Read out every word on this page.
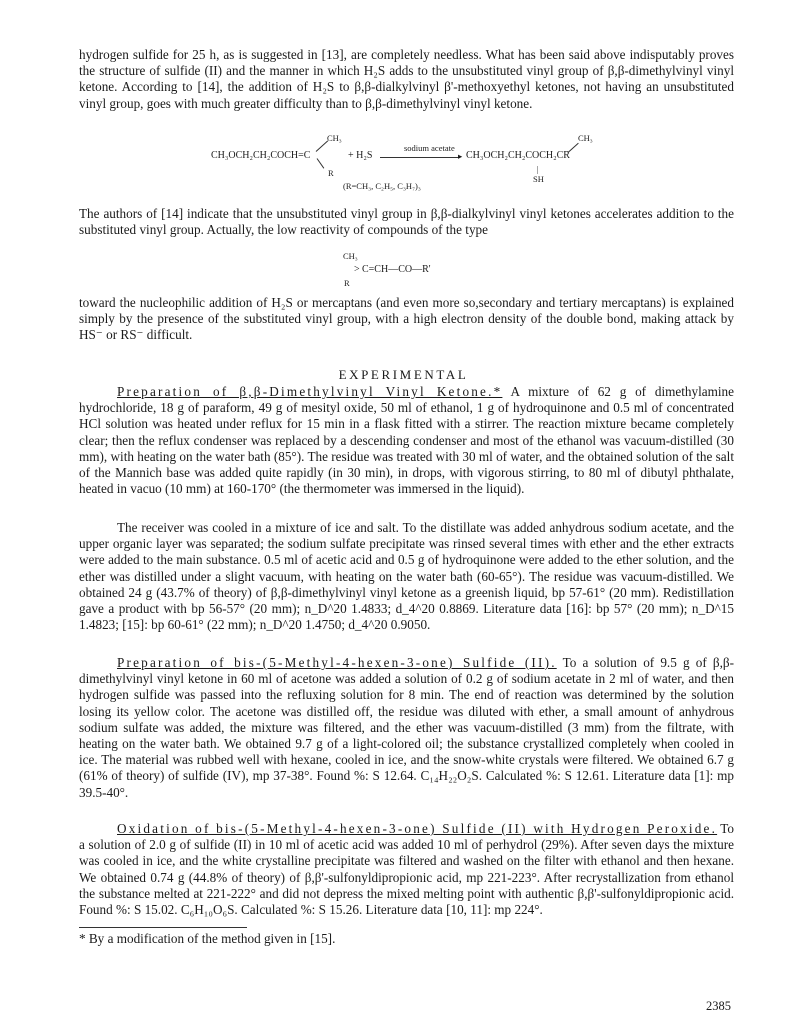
hydrogen sulfide for 25 h, as is suggested in [13], are completely needless. What has been said above indisputably proves the structure of sulfide (II) and the manner in which H₂S adds to the unsubstituted vinyl group of β,β-dimethylvinyl vinyl ketone. According to [14], the addition of H₂S to β,β-dialkylvinyl β'-methoxyethyl ketones, not having an unsubstituted vinyl group, goes with much greater difficulty than to β,β-dimethylvinyl vinyl ketone.

CH₃
CH₃OCH₂CH₂COCH=C
R
+ H₂S
sodium acetate
▸ CH₃OCH₂CH₂COCH₂CR
CH₃
|
SH
(R=CH₃, C₂H₅, C₃H₇)₃

The authors of [14] indicate that the unsubstituted vinyl group in β,β-dialkylvinyl vinyl ketones accelerates addition to the substituted vinyl group. Actually, the low reactivity of compounds of the type

CH₃
> C=CH—CO—R'
R

toward the nucleophilic addition of H₂S or mercaptans (and even more so,secondary and tertiary mercaptans) is explained simply by the presence of the substituted vinyl group, with a high electron density of the double bond, making attack by HS⁻ or RS⁻ difficult.

EXPERIMENTAL

Preparation of β,β-Dimethylvinyl Vinyl Ketone.* A mixture of 62 g of dimethylamine hydrochloride, 18 g of paraform, 49 g of mesityl oxide, 50 ml of ethanol, 1 g of hydroquinone and 0.5 ml of concentrated HCl solution was heated under reflux for 15 min in a flask fitted with a stirrer. The reaction mixture became completely clear; then the reflux condenser was replaced by a descending condenser and most of the ethanol was vacuum-distilled (30 mm), with heating on the water bath (85°). The residue was treated with 30 ml of water, and the obtained solution of the salt of the Mannich base was added quite rapidly (in 30 min), in drops, with vigorous stirring, to 80 ml of dibutyl phthalate, heated in vacuo (10 mm) at 160-170° (the thermometer was immersed in the liquid).

The receiver was cooled in a mixture of ice and salt. To the distillate was added anhydrous sodium acetate, and the upper organic layer was separated; the sodium sulfate precipitate was rinsed several times with ether and the ether extracts were added to the main substance. 0.5 ml of acetic acid and 0.5 g of hydroquinone were added to the ether solution, and the ether was distilled under a slight vacuum, with heating on the water bath (60-65°). The residue was vacuum-distilled. We obtained 24 g (43.7% of theory) of β,β-dimethylvinyl vinyl ketone as a greenish liquid, bp 57-61° (20 mm). Redistillation gave a product with bp 56-57° (20 mm); n_D^20 1.4833; d_4^20 0.8869. Literature data [16]: bp 57° (20 mm); n_D^15 1.4823; [15]: bp 60-61° (22 mm); n_D^20 1.4750; d_4^20 0.9050.

Preparation of bis-(5-Methyl-4-hexen-3-one) Sulfide (II). To a solution of 9.5 g of β,β-dimethylvinyl vinyl ketone in 60 ml of acetone was added a solution of 0.2 g of sodium acetate in 2 ml of water, and then hydrogen sulfide was passed into the refluxing solution for 8 min. The end of reaction was determined by the solution losing its yellow color. The acetone was distilled off, the residue was diluted with ether, a small amount of anhydrous sodium sulfate was added, the mixture was filtered, and the ether was vacuum-distilled (3 mm) from the filtrate, with heating on the water bath. We obtained 9.7 g of a light-colored oil; the substance crystallized completely when cooled in ice. The material was rubbed well with hexane, cooled in ice, and the snow-white crystals were filtered. We obtained 6.7 g (61% of theory) of sulfide (IV), mp 37-38°. Found %: S 12.64. C₁₄H₂₂O₂S. Calculated %: S 12.61. Literature data [1]: mp 39.5-40°.

Oxidation of bis-(5-Methyl-4-hexen-3-one) Sulfide (II) with Hydrogen Peroxide. To a solution of 2.0 g of sulfide (II) in 10 ml of acetic acid was added 10 ml of perhydrol (29%). After seven days the mixture was cooled in ice, and the white crystalline precipitate was filtered and washed on the filter with ethanol and then hexane. We obtained 0.74 g (44.8% of theory) of β,β'-sulfonyldipropionic acid, mp 221-223°. After recrystallization from ethanol the substance melted at 221-222° and did not depress the mixed melting point with authentic β,β'-sulfonyldipropionic acid. Found %: S 15.02. C₆H₁₀O₆S. Calculated %: S 15.26. Literature data [10, 11]: mp 224°.

* By a modification of the method given in [15].
2385
